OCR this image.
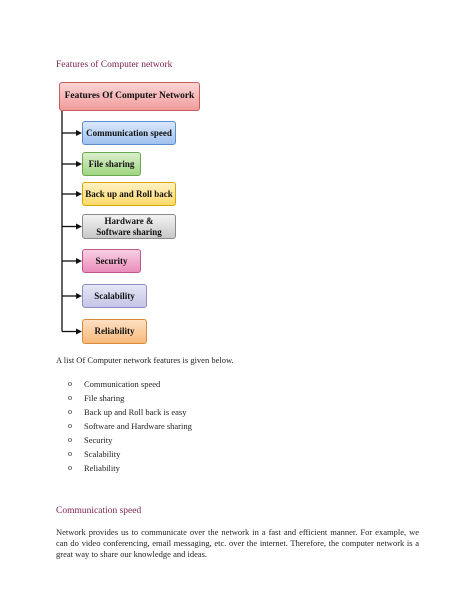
Features of Computer network
Features Of Computer Network
Communication speed
File sharing
Back up and Roll back
Hardware &
Software sharing
Security
Scalability
Reliability
A list Of Computer network features is given below.
o Communication speed
o File sharing
o Back up and Roll back is easy
o Software and Hardware sharing
o Security
o Scalability
o Reliability
Communication speed

Network provides us to communicate over the network in a fast and efficient manner. For example, we can do video conferencing, email messaging, etc. over the internet. Therefore, the computer network is a great way to share our knowledge and ideas.
